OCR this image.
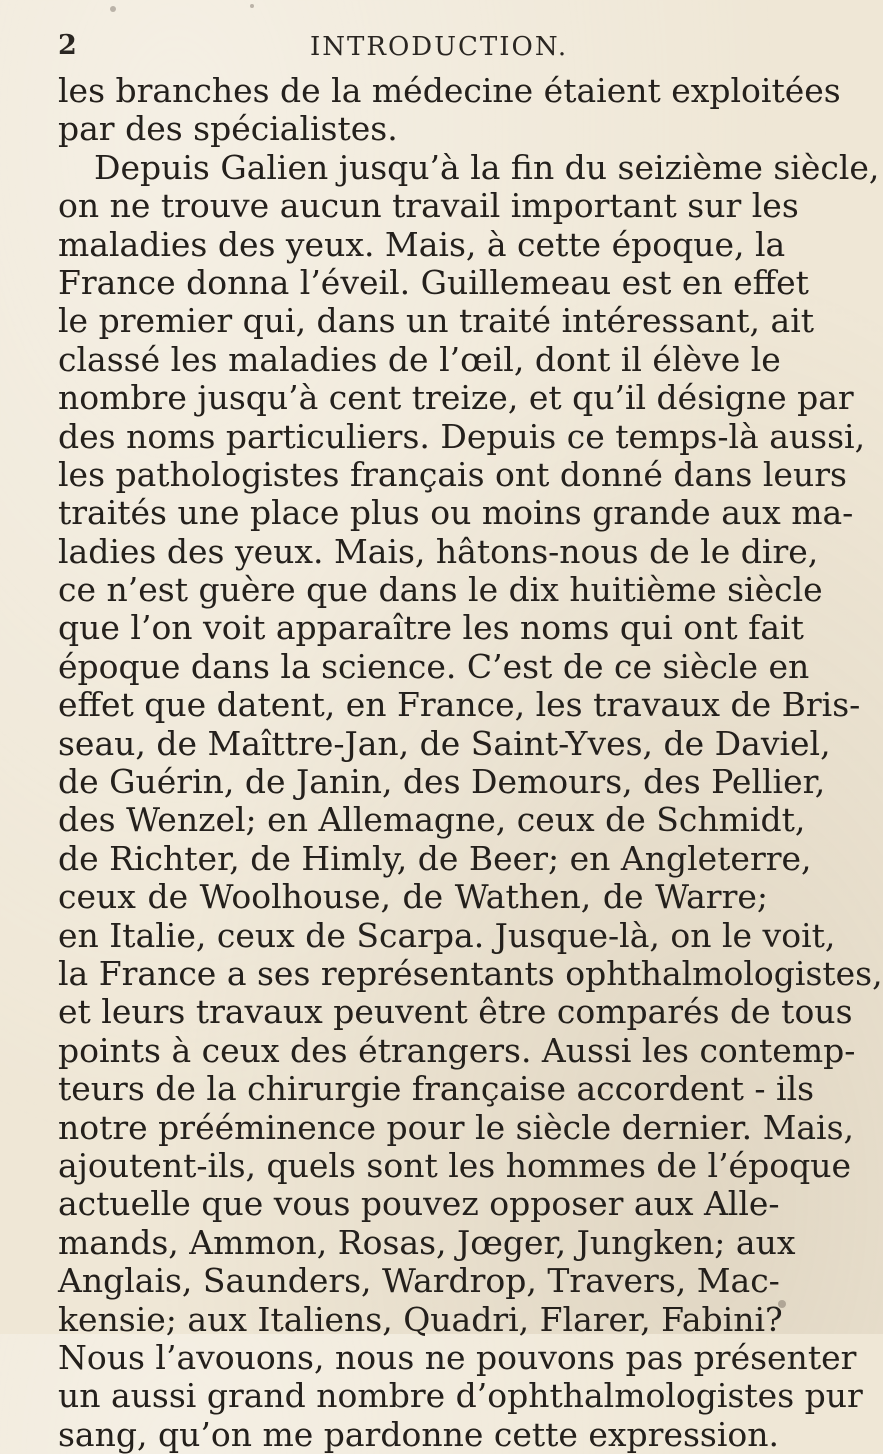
2	INTRODUCTION.
les branches de la médecine étaient exploitées
par des spécialistes.
Depuis Galien jusqu’à la fin du seizième siècle,
on ne trouve aucun travail important sur les
maladies des yeux. Mais, à cette époque, la
France donna l’éveil. Guillemeau est en effet
le premier qui, dans un traité intéressant, ait
classé les maladies de l’œil, dont il élève le
nombre jusqu’à cent treize, et qu’il désigne par
des noms particuliers. Depuis ce temps-là aussi,
les pathologistes français ont donné dans leurs
traités une place plus ou moins grande aux ma-
ladies des yeux. Mais, hâtons-nous de le dire,
ce n’est guère que dans le dix huitième siècle
que l’on voit apparaître les noms qui ont fait
époque dans la science. C’est de ce siècle en
effet que datent, en France, les travaux de Bris-
seau, de Maîttre-Jan, de Saint-Yves, de Daviel,
de Guérin, de Janin, des Demours, des Pellier,
des Wenzel; en Allemagne, ceux de Schmidt,
de Richter, de Himly, de Beer; en Angleterre,
ceux de Woolhouse, de Wathen, de Warre;
en Italie, ceux de Scarpa. Jusque-là, on le voit,
la France a ses représentants ophthalmologistes,
et leurs travaux peuvent être comparés de tous
points à ceux des étrangers. Aussi les contemp-
teurs de la chirurgie française accordent - ils
notre prééminence pour le siècle dernier. Mais,
ajoutent-ils, quels sont les hommes de l’époque
actuelle que vous pouvez opposer aux Alle-
mands, Ammon, Rosas, Jœger, Jungken; aux
Anglais, Saunders, Wardrop, Travers, Mac-
kensie; aux Italiens, Quadri, Flarer, Fabini?
Nous l’avouons, nous ne pouvons pas présenter
un aussi grand nombre d’ophthalmologistes pur
sang, qu’on me pardonne cette expression.
